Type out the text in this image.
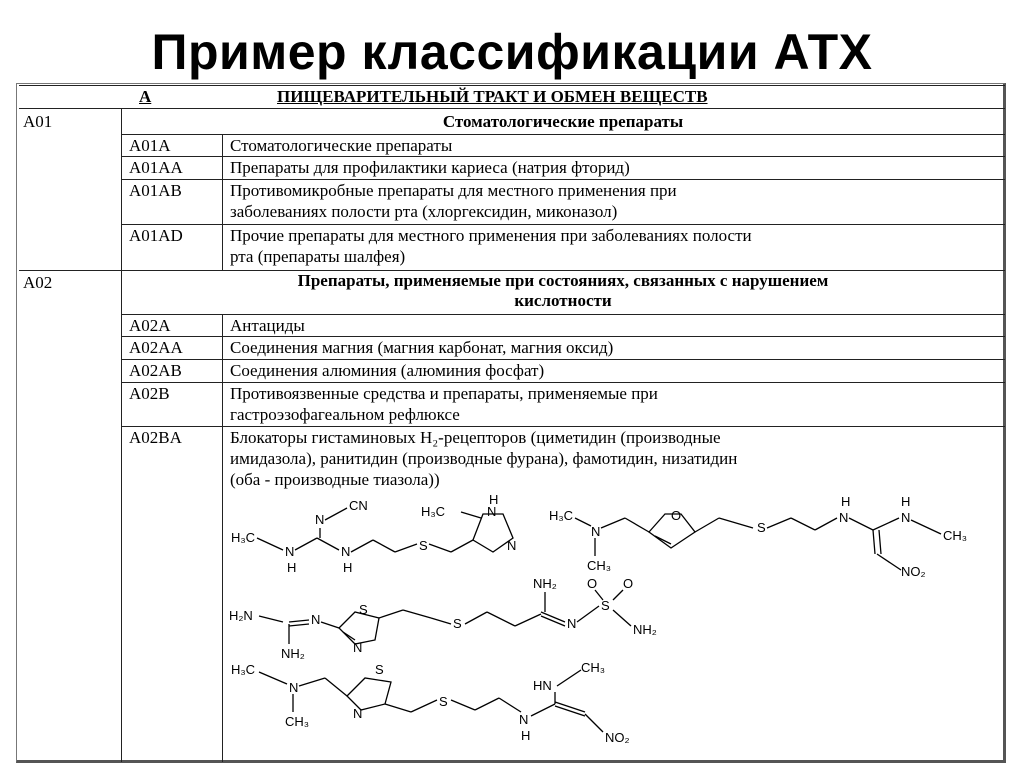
Пример классификации АТХ
А	ПИЩЕВАРИТЕЛЬНЫЙ ТРАКТ И ОБМЕН ВЕЩЕСТВ
A01	Стоматологические препараты
A01A	Стоматологические препараты
A01AA	Препараты для профилактики кариеса (натрия фторид)
A01AB	Противомикробные препараты для местного применения при
заболеваниях полости рта (хлоргексидин, миконазол)
A01AD	Прочие препараты для местного применения при заболеваниях полости
рта (препараты шалфея)
A02	Препараты, применяемые при состояниях, связанных с нарушением
кислотности
A02A	Антациды
A02AA	Соединения магния (магния карбонат, магния оксид)
A02AB	Соединения алюминия (алюминия фосфат)
A02B	Противоязвенные средства и препараты, применяемые при
гастроэзофагеальном рефлюксе
A02BA	Блокаторы гистаминовых H₂-рецепторов (циметидин (производные
имидазола), ранитидин (производные фурана), фамотидин, низатидин
(оба - производные тиазола))
N
CN
H₃C
N
H
N
H
S
H₃C	N
H
N
H₃C
N
CH₃
O
S
H
N
H
N
CH₃
NO₂
H₂N	N
NH₂
S
N
S
NH₂
N
S
O O
NH₂
H₃C
N
CH₃
S
N
S
HN
CH₃
N
H	NO₂
